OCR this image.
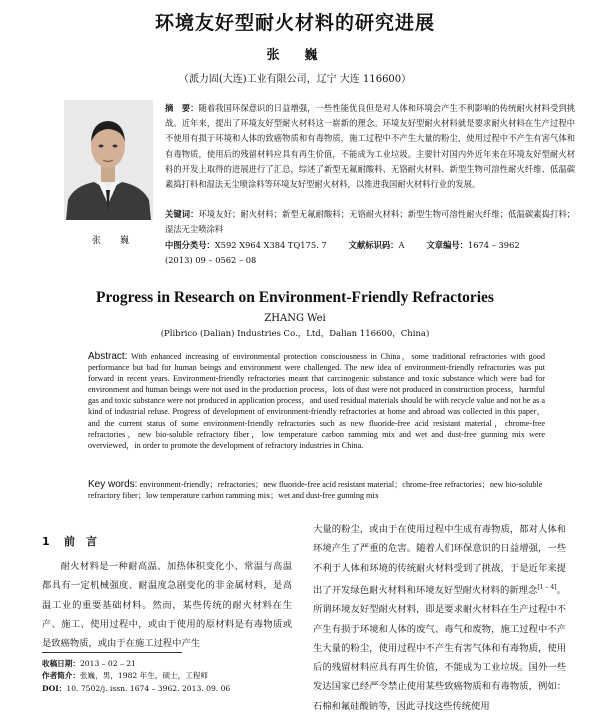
环境友好型耐火材料的研究进展
张　巍
（派力固(大连)工业有限公司，辽宁 大连 116600）
张　巍
摘　要：随着我国环保意识的日益增强，一些性能优良但是对人体和环境会产生不利影响的传统耐火材料受到挑战。近年来，提出了环境友好型耐火材料这一崭新的理念。环境友好型耐火材料就是要求耐火材料在生产过程中不使用有损于环境和人体的致癌物质和有毒物质，施工过程中不产生大量的粉尘，使用过程中不产生有害气体和有毒物质，使用后的残留材料应具有再生价值，不能成为工业垃圾。主要针对国内外近年来在环境友好型耐火材料的开发上取得的进展进行了汇总，综述了新型无氟耐酸料、无铬耐火材料、新型生物可溶性耐火纤维、低温碳素捣打料和湿法无尘喷涂料等环境友好型耐火材料，以推进我国耐火材料行业的发展。
关键词：环境友好；耐火材料；新型无氟耐酸料；无铬耐火材料；新型生物可溶性耐火纤维；低温碳素捣打料；湿法无尘喷涂料
中图分类号：X592 X964 X384 TQ175. 7	文献标识码：A	文章编号：1674 – 3962
(2013) 09 – 0562 – 08
Progress in Research on Environment-Friendly Refractories
ZHANG Wei
(Plibrico (Dalian) Industries Co.，Ltd，Dalian 116600，China)
Abstract: With enhanced increasing of environmental protection consciousness in China，some traditional refractories with good performance but bad for human beings and environment were challenged. The new idea of environment-friendly refractories was put forward in recent years. Environment-friendly refractories meant that carcinogenic substance and toxic substance which were bad for environment and human beings were not used in the production process，lots of dust were not produced in construction process，harmful gas and toxic substance were not produced in application process，and used residual materials should be with recycle value and not be as a kind of industrial refuse. Progress of development of environment-friendly refractories at home and abroad was collected in this paper，and the current status of some environment-friendly refractories such as new fluoride-free acid resistant material，chrome-free refractories，new bio-soluble refractory fiber，low temperature carbon ramming mix and wet and dust-free gunning mix were overviewed，in order to promote the development of refractory industries in China.
Key words: environment-friendly；refractories；new fluoride-free acid resistant material；chrome-free refractories；new bio-soluble refractory fiber；low temperature carbon ramming mix；wet and dust-free gunning mix
1 前　言
耐火材料是一种耐高温、加热体积变化小、常温与高温都具有一定机械强度、耐温度急剧变化的非金属材料，是高温工业的重要基础材料。然而，某些传统的耐火材料在生产、施工、使用过程中，或由于使用的原材料是有毒物质或是致癌物质，或由于在施工过程中产生
大量的粉尘，或由于在使用过程中生成有毒物质，都对人体和环境产生了严重的危害。随着人们环保意识的日益增强，一些不利于人体和环境的传统耐火材料受到了挑战，于是近年来提出了开发绿色耐火材料和环境友好型耐火材料的新理念[1 – 4]。所谓环境友好型耐火材料，即是要求耐火材料在生产过程中不产生有损于环境和人体的废气、毒气和废物，施工过程中不产生大量的粉尘，使用过程中不产生有害气体和有毒物质，使用后的残留材料应具有再生价值，不能成为工业垃圾。国外一些发达国家已经严令禁止使用某些致癌物质和有毒物质，例如：石棉和氟硅酸钠等，因此寻找这些传统使用
收稿日期：2013 – 02 – 21
作者简介：张巍，男，1982 年生，硕士，工程师
DOI：10. 7502/j. issn. 1674 – 3962. 2013. 09. 06
